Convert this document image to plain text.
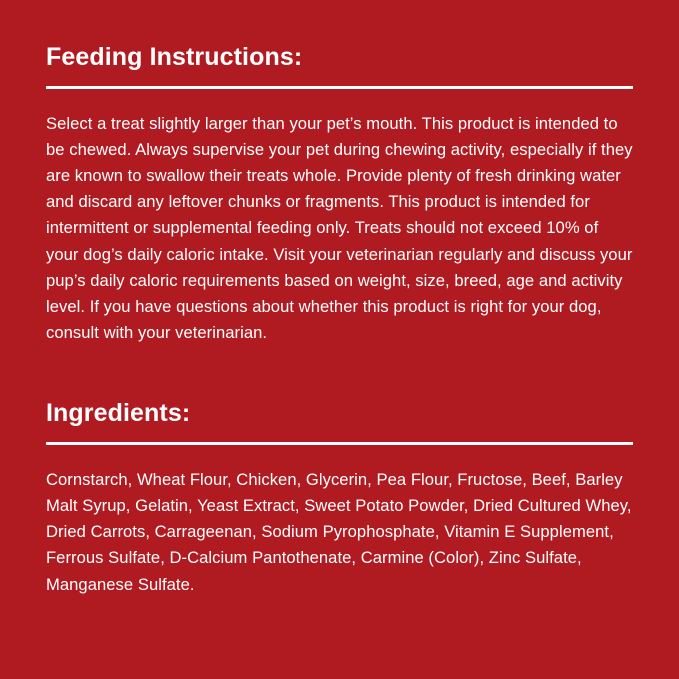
Feeding Instructions:

Select a treat slightly larger than your pet’s mouth. This product is intended to be chewed. Always supervise your pet during chewing activity, especially if they are known to swallow their treats whole. Provide plenty of fresh drinking water and discard any leftover chunks or fragments. This product is intended for intermittent or supplemental feeding only. Treats should not exceed 10% of your dog’s daily caloric intake. Visit your veterinarian regularly and discuss your pup’s daily caloric requirements based on weight, size, breed, age and activity level. If you have questions about whether this product is right for your dog, consult with your veterinarian.

Ingredients:

Cornstarch, Wheat Flour, Chicken, Glycerin, Pea Flour, Fructose, Beef, Barley Malt Syrup, Gelatin, Yeast Extract, Sweet Potato Powder, Dried Cultured Whey, Dried Carrots, Carrageenan, Sodium Pyrophosphate, Vitamin E Supplement, Ferrous Sulfate, D-Calcium Pantothenate, Carmine (Color), Zinc Sulfate, Manganese Sulfate.
